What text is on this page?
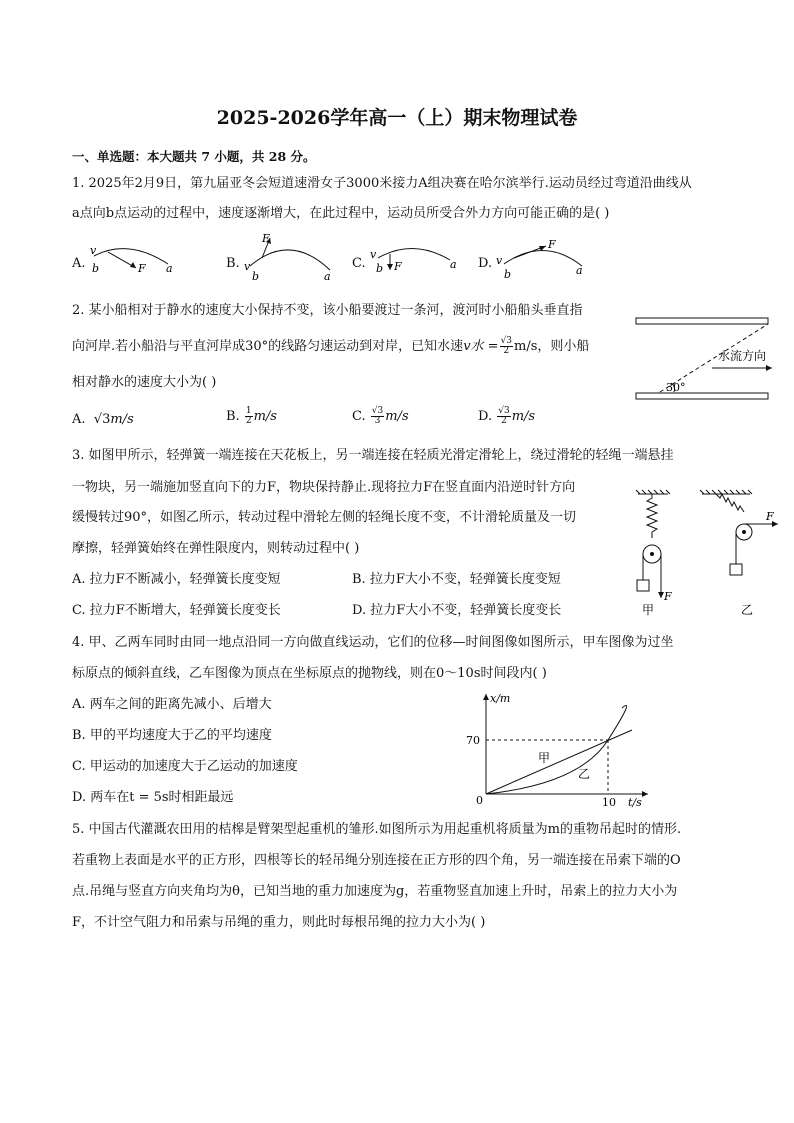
2025-2026学年高一（上）期末物理试卷
一、单选题：本大题共 7 小题，共 28 分。
1. 2025年2月9日，第九届亚冬会短道速滑女子3000米接力A组决赛在哈尔滨举行.运动员经过弯道沿曲线从
a点向b点运动的过程中，速度逐渐增大，在此过程中，运动员所受合外力方向可能正确的是( )
A.
v
b	F a	B.
F
v
b	a
C.
v
b F	a D.
F
v
b	a
2. 某小船相对于静水的速度大小保持不变，该小船要渡过一条河，渡河时小船船头垂直指
向河岸.若小船沿与平直河岸成30°的线路匀速运动到对岸，已知水速v水 = $\frac{√3}{2} m/s$，则小船
相对静水的速度大小为( )
A.  √3m/s	B. $\frac{1}{2} m/s$	C. $\frac{√3}{3} m/s$	D. $\frac{√3}{2} m/s$
水流方向
30°
3. 如图甲所示，轻弹簧一端连接在天花板上，另一端连接在轻质光滑定滑轮上，绕过滑轮的轻绳一端悬挂
一物块，另一端施加竖直向下的力F，物块保持静止.现将拉力F在竖直面内沿逆时针方向
缓慢转过90°，如图乙所示，转动过程中滑轮左侧的轻绳长度不变，不计滑轮质量及一切
摩擦，轻弹簧始终在弹性限度内，则转动过程中( )
A. 拉力F不断减小，轻弹簧长度变短	B. 拉力F大小不变，轻弹簧长度变短
C. 拉力F不断增大，轻弹簧长度变长	D. 拉力F大小不变，轻弹簧长度变长
F
甲
F
乙
4. 甲、乙两车同时由同一地点沿同一方向做直线运动，它们的位移—时间图像如图所示，甲车图像为过坐
标原点的倾斜直线，乙车图像为顶点在坐标原点的抛物线，则在0～10s时间段内( )
A. 两车之间的距离先减小、后增大
B. 甲的平均速度大于乙的平均速度
C. 甲运动的加速度大于乙运动的加速度
D. 两车在t = 5s时相距最远
x/m
t/s
70
10
0
甲
乙
5. 中国古代灌溉农田用的桔槔是臂架型起重机的雏形.如图所示为用起重机将质量为m的重物吊起时的情形.
若重物上表面是水平的正方形，四根等长的轻吊绳分别连接在正方形的四个角，另一端连接在吊索下端的O
点.吊绳与竖直方向夹角均为θ，已知当地的重力加速度为g，若重物竖直加速上升时，吊索上的拉力大小为
F，不计空气阻力和吊索与吊绳的重力，则此时每根吊绳的拉力大小为( )
